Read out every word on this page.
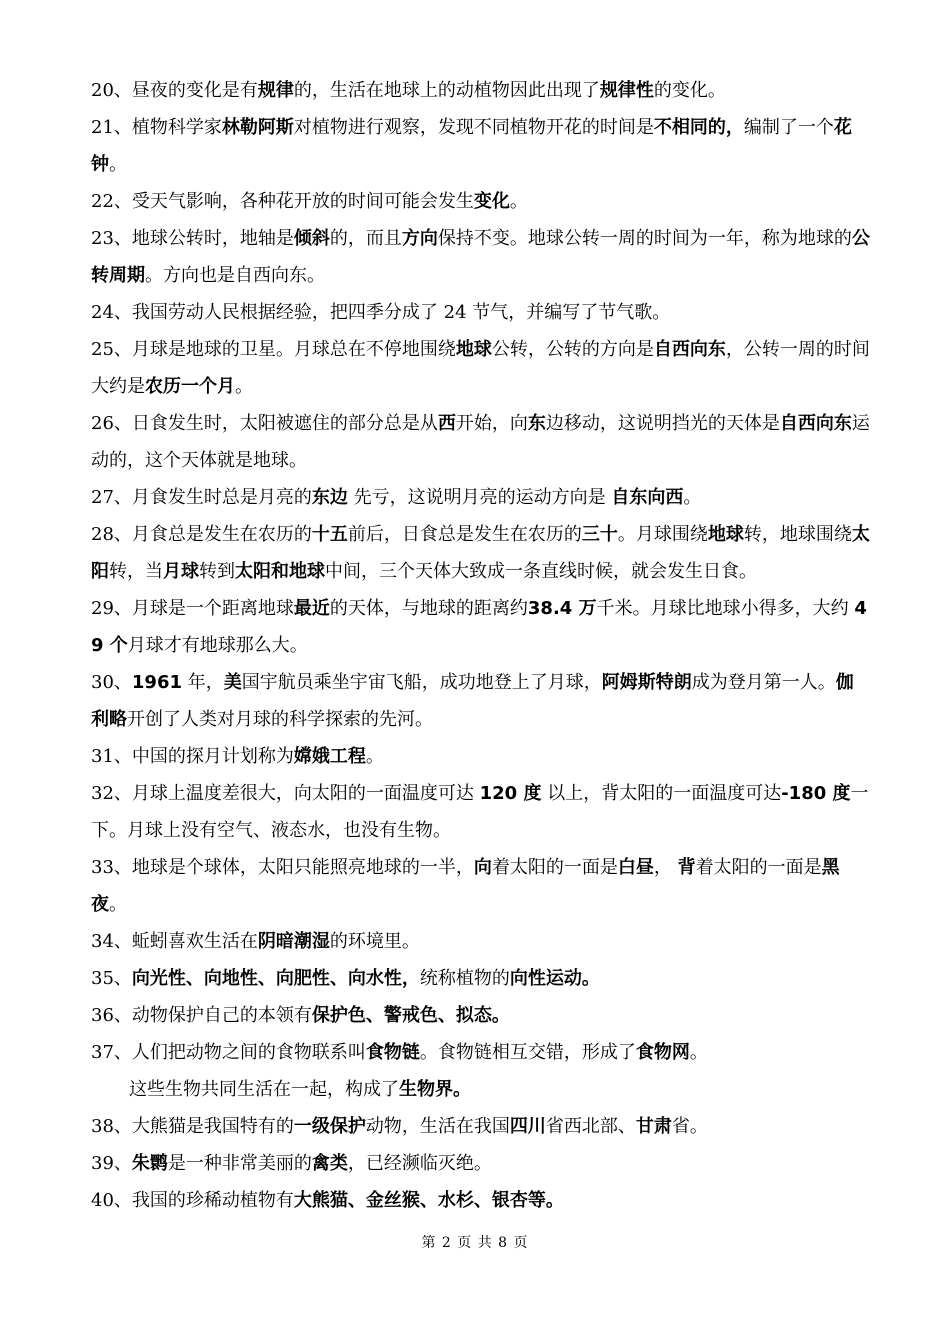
20、昼夜的变化是有规律的，生活在地球上的动植物因此出现了规律性的变化。

21、植物科学家林勒阿斯对植物进行观察，发现不同植物开花的时间是不相同的，编制了一个花钟。

22、受天气影响，各种花开放的时间可能会发生变化。

23、地球公转时，地轴是倾斜的，而且方向保持不变。地球公转一周的时间为一年，称为地球的公转周期。方向也是自西向东。

24、我国劳动人民根据经验，把四季分成了 24 节气，并编写了节气歌。

25、月球是地球的卫星。月球总在不停地围绕地球公转，公转的方向是自西向东，公转一周的时间大约是农历一个月。

26、日食发生时，太阳被遮住的部分总是从西开始，向东边移动，这说明挡光的天体是自西向东运动的，这个天体就是地球。

27、月食发生时总是月亮的东边 先亏，这说明月亮的运动方向是 自东向西。

28、月食总是发生在农历的十五前后，日食总是发生在农历的三十。月球围绕地球转，地球围绕太阳转，当月球转到太阳和地球中间，三个天体大致成一条直线时候，就会发生日食。

29、月球是一个距离地球最近的天体，与地球的距离约38.4 万千米。月球比地球小得多，大约 49 个月球才有地球那么大。

30、1961 年，美国宇航员乘坐宇宙飞船，成功地登上了月球，阿姆斯特朗成为登月第一人。伽利略开创了人类对月球的科学探索的先河。

31、中国的探月计划称为嫦娥工程。

32、月球上温度差很大，向太阳的一面温度可达 120 度 以上，背太阳的一面温度可达-180 度一下。月球上没有空气、液态水，也没有生物。

33、地球是个球体，太阳只能照亮地球的一半，向着太阳的一面是白昼， 背着太阳的一面是黑夜。

34、蚯蚓喜欢生活在阴暗潮湿的环境里。

35、向光性、向地性、向肥性、向水性，统称植物的向性运动。

36、动物保护自己的本领有保护色、警戒色、拟态。

37、人们把动物之间的食物联系叫食物链。食物链相互交错，形成了食物网。

这些生物共同生活在一起，构成了生物界。

38、大熊猫是我国特有的一级保护动物，生活在我国四川省西北部、甘肃省。

39、朱鹮是一种非常美丽的禽类，已经濒临灭绝。

40、我国的珍稀动植物有大熊猫、金丝猴、水杉、银杏等。

第 2 页 共 8 页
